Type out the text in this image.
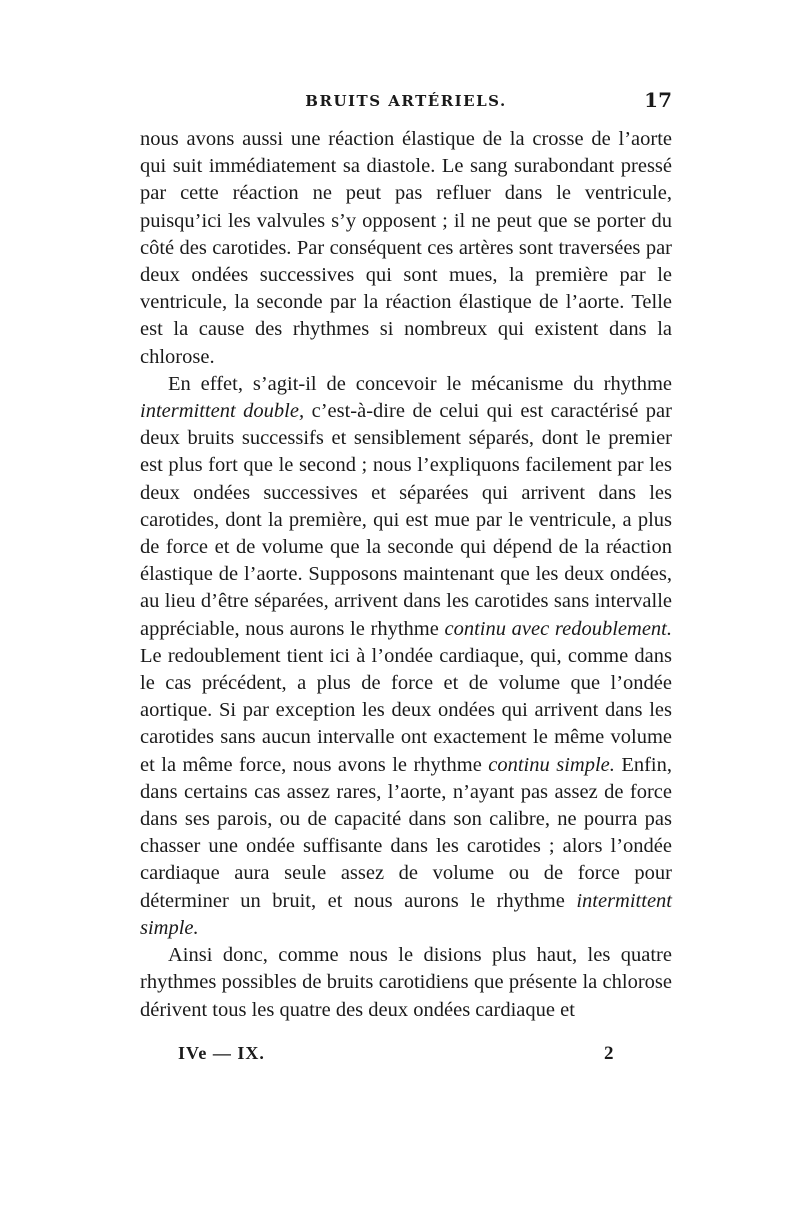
BRUITS ARTÉRIELS.	17

nous avons aussi une réaction élastique de la crosse de l’aorte qui suit immédiatement sa diastole. Le sang surabondant pressé par cette réaction ne peut pas refluer dans le ventricule, puisqu’ici les valvules s’y opposent ; il ne peut que se porter du côté des carotides. Par conséquent ces artères sont traversées par deux ondées successives qui sont mues, la première par le ventricule, la seconde par la réaction élastique de l’aorte. Telle est la cause des rhythmes si nombreux qui existent dans la chlorose.

En effet, s’agit-il de concevoir le mécanisme du rhythme intermittent double, c’est-à-dire de celui qui est caractérisé par deux bruits successifs et sensiblement séparés, dont le premier est plus fort que le second ; nous l’expliquons facilement par les deux ondées successives et séparées qui arrivent dans les carotides, dont la première, qui est mue par le ventricule, a plus de force et de volume que la seconde qui dépend de la réaction élastique de l’aorte. Supposons maintenant que les deux ondées, au lieu d’être séparées, arrivent dans les carotides sans intervalle appréciable, nous aurons le rhythme continu avec redoublement. Le redoublement tient ici à l’ondée cardiaque, qui, comme dans le cas précédent, a plus de force et de volume que l’ondée aortique. Si par exception les deux ondées qui arrivent dans les carotides sans aucun intervalle ont exactement le même volume et la même force, nous avons le rhythme continu simple. Enfin, dans certains cas assez rares, l’aorte, n’ayant pas assez de force dans ses parois, ou de capacité dans son calibre, ne pourra pas chasser une ondée suffisante dans les carotides ; alors l’ondée cardiaque aura seule assez de volume ou de force pour déterminer un bruit, et nous aurons le rhythme intermittent simple.

Ainsi donc, comme nous le disions plus haut, les quatre rhythmes possibles de bruits carotidiens que présente la chlorose dérivent tous les quatre des deux ondées cardiaque et

IVe — IX.	2
